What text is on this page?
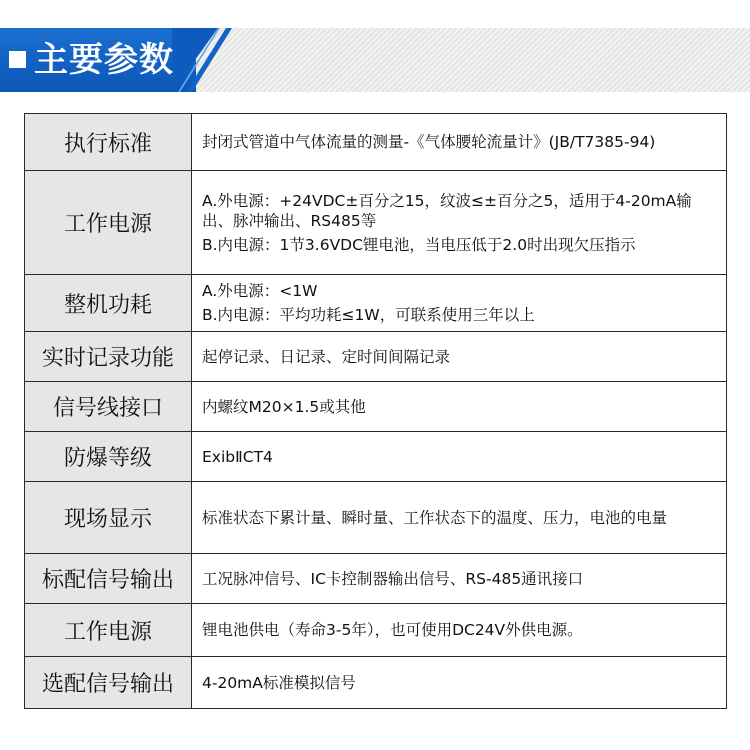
主要参数
执行标准	封闭式管道中气体流量的测量-《气体腰轮流量计》(JB/T7385-94)

工作电源	A.外电源：+24VDC±百分之15，纹波≤±百分之5，适用于4-20mA输出、脉冲输出、RS485等
B.内电源：1节3.6VDC锂电池，当电压低于2.0时出现欠压指示

整机功耗	A.外电源：<1W
B.内电源：平均功耗≤1W，可联系使用三年以上

实时记录功能	起停记录、日记录、定时间间隔记录

信号线接口	内螺纹M20×1.5或其他

防爆等级	ExibⅡCT4

现场显示	标准状态下累计量、瞬时量、工作状态下的温度、压力，电池的电量

标配信号输出	工况脉冲信号、IC卡控制器输出信号、RS-485通讯接口

工作电源	锂电池供电（寿命3-5年），也可使用DC24V外供电源。

选配信号输出	4-20mA标准模拟信号
